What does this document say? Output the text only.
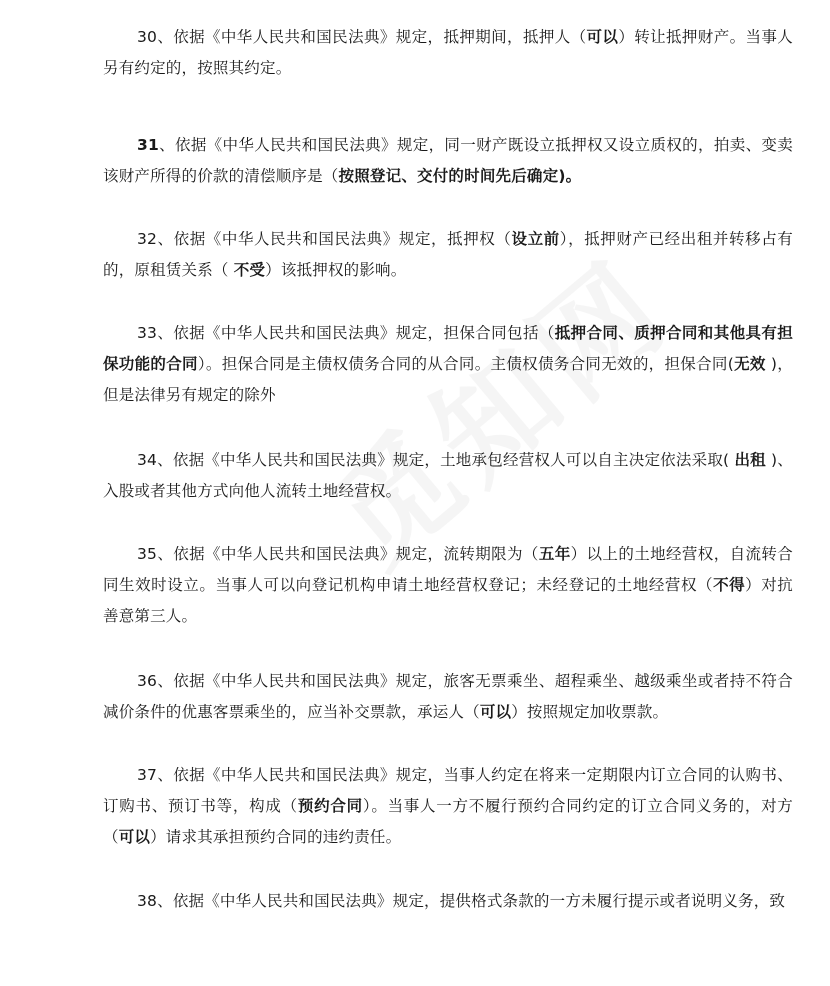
30、依据《中华人民共和国民法典》规定，抵押期间，抵押人（可以）转让抵押财产。当事人另有约定的，按照其约定。

31、依据《中华人民共和国民法典》规定，同一财产既设立抵押权又设立质权的，拍卖、变卖该财产所得的价款的清偿顺序是（按照登记、交付的时间先后确定)。

32、依据《中华人民共和国民法典》规定，抵押权（设立前），抵押财产已经出租并转移占有的，原租赁关系（ 不受）该抵押权的影响。

33、依据《中华人民共和国民法典》规定，担保合同包括（抵押合同、质押合同和其他具有担保功能的合同）。担保合同是主债权债务合同的从合同。主债权债务合同无效的，担保合同(无效 )，但是法律另有规定的除外

34、依据《中华人民共和国民法典》规定，土地承包经营权人可以自主决定依法采取( 出租 )、入股或者其他方式向他人流转土地经营权。

35、依据《中华人民共和国民法典》规定，流转期限为（五年）以上的土地经营权，自流转合同生效时设立。当事人可以向登记机构申请土地经营权登记；未经登记的土地经营权（不得）对抗善意第三人。

36、依据《中华人民共和国民法典》规定，旅客无票乘坐、超程乘坐、越级乘坐或者持不符合减价条件的优惠客票乘坐的，应当补交票款，承运人（可以）按照规定加收票款。

37、依据《中华人民共和国民法典》规定，当事人约定在将来一定期限内订立合同的认购书、订购书、预订书等，构成（预约合同）。当事人一方不履行预约合同约定的订立合同义务的，对方（可以）请求其承担预约合同的违约责任。

38、依据《中华人民共和国民法典》规定，提供格式条款的一方未履行提示或者说明义务，致
